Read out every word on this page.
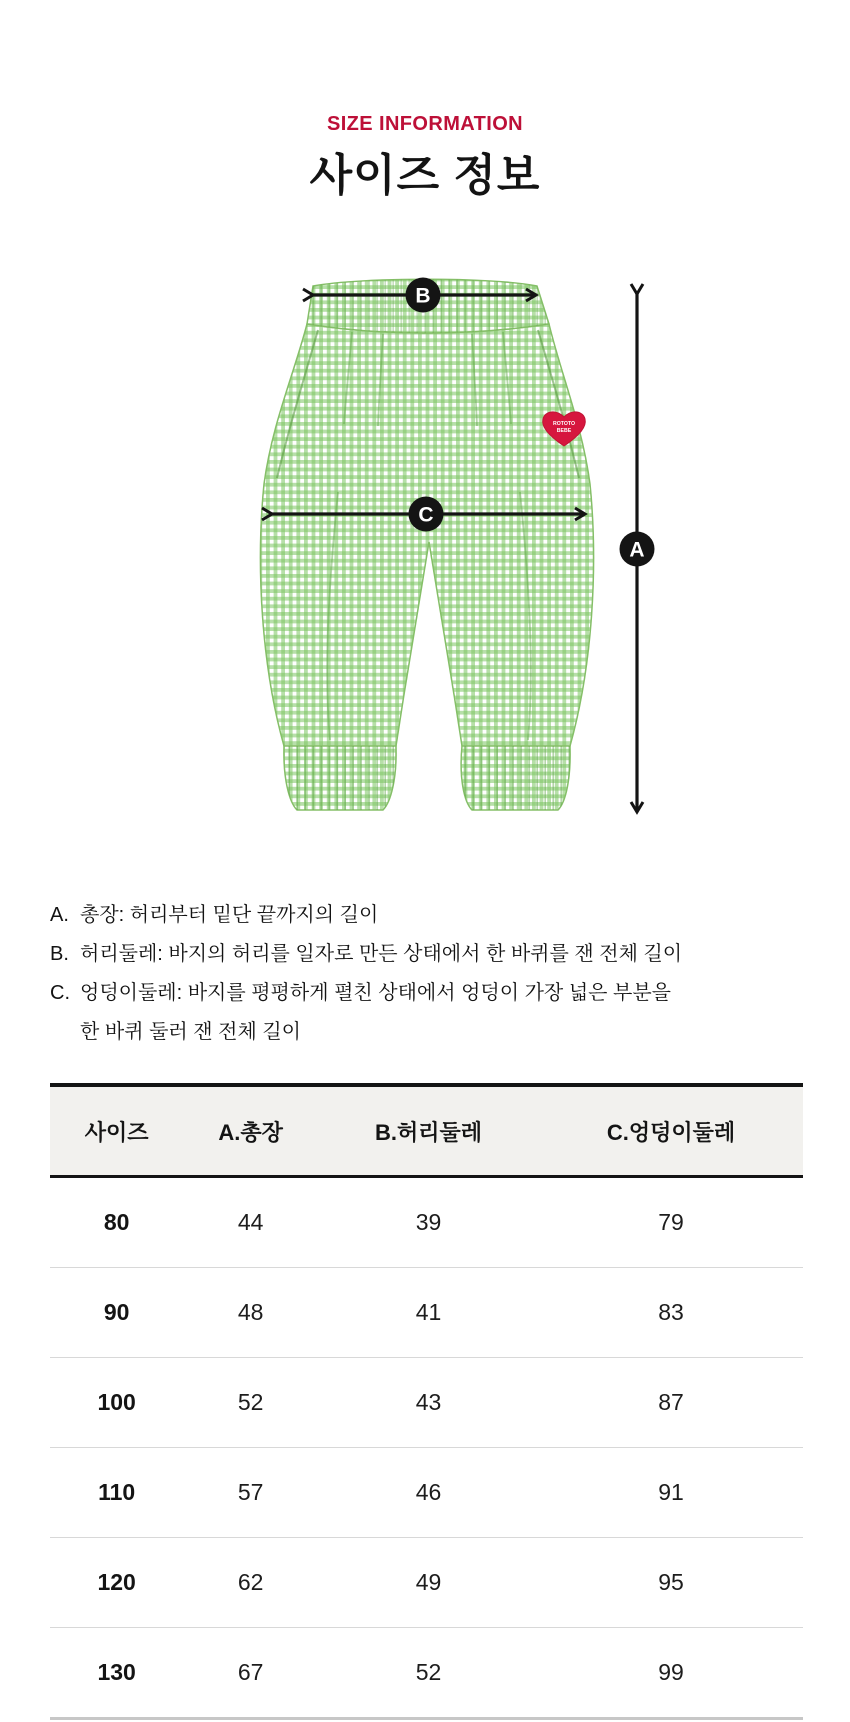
SIZE INFORMATION
사이즈 정보
ROTOTO
BEBE
B
C
A
A. 총장: 허리부터 밑단 끝까지의 길이
B. 허리둘레: 바지의 허리를 일자로 만든 상태에서 한 바퀴를 잰 전체 길이
C. 엉덩이둘레: 바지를 평평하게 펼친 상태에서 엉덩이 가장 넓은 부분을
한 바퀴 둘러 잰 전체 길이
사이즈	A.총장	B.허리둘레	C.엉덩이둘레
80	44	39	79
90	48	41	83
100	52	43	87
110	57	46	91
120	62	49	95
130	67	52	99
